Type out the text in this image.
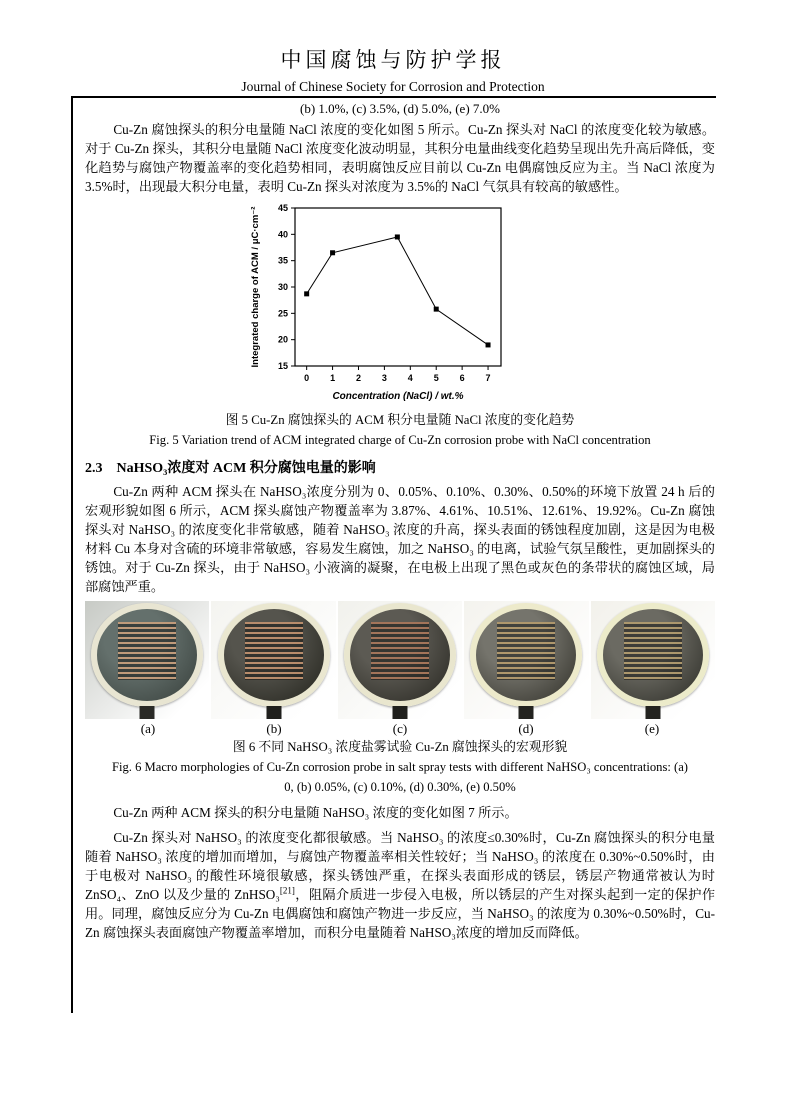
中国腐蚀与防护学报
Journal of Chinese Society for Corrosion and Protection
(b) 1.0%, (c) 3.5%, (d) 5.0%, (e) 7.0%

Cu-Zn 腐蚀探头的积分电量随 NaCl 浓度的变化如图 5 所示。Cu-Zn 探头对 NaCl 的浓度变化较为敏感。对于 Cu-Zn 探头，其积分电量随 NaCl 浓度变化波动明显，其积分电量曲线变化趋势呈现出先升高后降低，变化趋势与腐蚀产物覆盖率的变化趋势相同，表明腐蚀反应目前以 Cu-Zn 电偶腐蚀反应为主。当 NaCl 浓度为 3.5%时，出现最大积分电量，表明 Cu-Zn 探头对浓度为 3.5%的 NaCl 气氛具有较高的敏感性。

0 1 2 3 4 5 6 7
15
20
25
30
35
40
45
Concentration (NaCl) / wt.%
Integrated charge of ACM / μC·cm⁻²
图 5 Cu-Zn 腐蚀探头的 ACM 积分电量随 NaCl 浓度的变化趋势
Fig. 5 Variation trend of ACM integrated charge of Cu-Zn corrosion probe with NaCl concentration
2.3 NaHSO₃浓度对 ACM 积分腐蚀电量的影响

Cu-Zn 两种 ACM 探头在 NaHSO₃浓度分别为 0、0.05%、0.10%、0.30%、0.50%的环境下放置 24 h 后的宏观形貌如图 6 所示，ACM 探头腐蚀产物覆盖率为 3.87%、4.61%、10.51%、12.61%、19.92%。Cu-Zn 腐蚀探头对 NaHSO₃ 的浓度变化非常敏感，随着 NaHSO₃ 浓度的升高，探头表面的锈蚀程度加剧，这是因为电极材料 Cu 本身对含硫的环境非常敏感，容易发生腐蚀，加之 NaHSO₃ 的电离，试验气氛呈酸性，更加剧探头的锈蚀。对于 Cu-Zn 探头，由于 NaHSO₃ 小液滴的凝聚，在电极上出现了黑色或灰色的条带状的腐蚀区域，局部腐蚀严重。

(a)	(b)	(c)	(d)	(e)
图 6 不同 NaHSO₃ 浓度盐雾试验 Cu-Zn 腐蚀探头的宏观形貌
Fig. 6 Macro morphologies of Cu-Zn corrosion probe in salt spray tests with different NaHSO₃ concentrations: (a)
0, (b) 0.05%, (c) 0.10%, (d) 0.30%, (e) 0.50%

Cu-Zn 两种 ACM 探头的积分电量随 NaHSO₃ 浓度的变化如图 7 所示。

Cu-Zn 探头对 NaHSO₃ 的浓度变化都很敏感。当 NaHSO₃ 的浓度≤0.30%时，Cu-Zn 腐蚀探头的积分电量随着 NaHSO₃ 浓度的增加而增加，与腐蚀产物覆盖率相关性较好；当 NaHSO₃ 的浓度在 0.30%~0.50%时，由于电极对 NaHSO₃ 的酸性环境很敏感，探头锈蚀严重，在探头表面形成的锈层，锈层产物通常被认为时 ZnSO₄、ZnO 以及少量的 ZnHSO₃[21]，阻隔介质进一步侵入电极，所以锈层的产生对探头起到一定的保护作用。同理，腐蚀反应分为 Cu-Zn 电偶腐蚀和腐蚀产物进一步反应，当 NaHSO₃ 的浓度为 0.30%~0.50%时，Cu-Zn 腐蚀探头表面腐蚀产物覆盖率增加，而积分电量随着 NaHSO₃浓度的增加反而降低。
